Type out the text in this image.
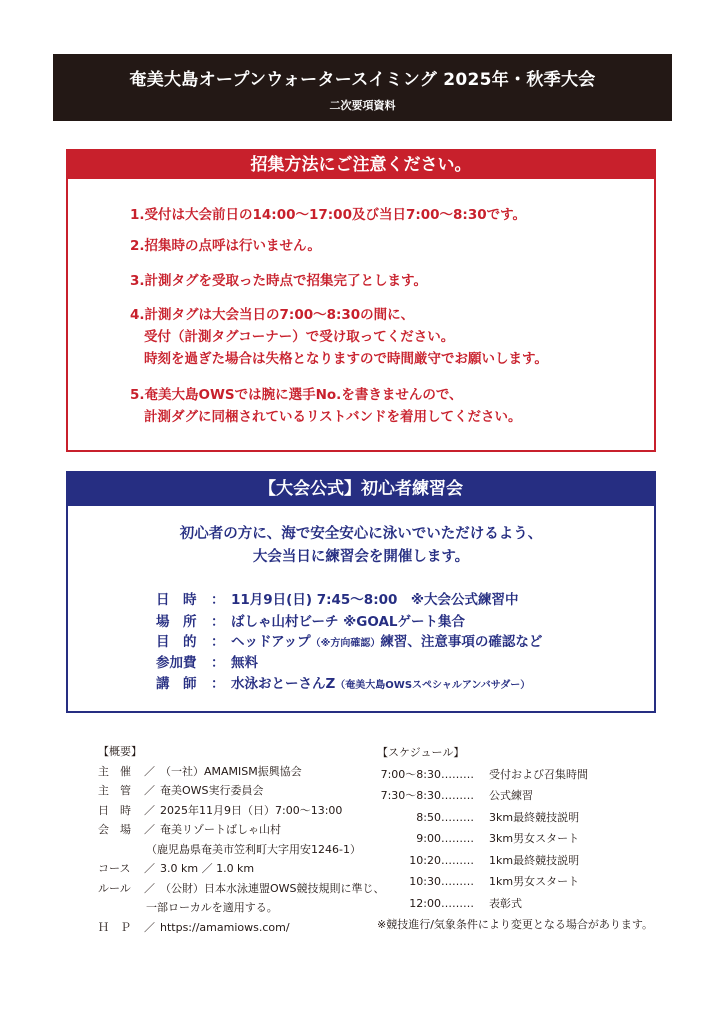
奄美大島オープンウォータースイミング 2025年・秋季大会
二次要項資料
招集方法にご注意ください。
1.受付は大会前日の14:00～17:00及び当日7:00～8:30です。
2.招集時の点呼は行いません。
3.計測タグを受取った時点で招集完了とします。
4.計測タグは大会当日の7:00～8:30の間に、
受付（計測タグコーナー）で受け取ってください。
時刻を過ぎた場合は失格となりますので時間厳守でお願いします。
5.奄美大島OWSでは腕に選手No.を書きませんので、
計測ダグに同梱されているリストバンドを着用してください。
【大会公式】初心者練習会
初心者の方に、海で安全安心に泳いでいただけるよう、
大会当日に練習会を開催します。
日　時 ： 11月9日(日) 7:45～8:00　※大会公式練習中
場　所 ： ばしゃ山村ビーチ ※GOALゲート集合
目　的 ： ヘッドアップ（※方向確認）練習、注意事項の確認など
参加費 ： 無料
講　師 ： 水泳おとーさんZ（奄美大島OWSスペシャルアンバサダー）
【概要】
主　催 ／ （一社）AMAMISM振興協会
主　管 ／ 奄美OWS実行委員会
日　時 ／ 2025年11月9日（日）7:00～13:00
会　場 ／ 奄美リゾートばしゃ山村
（鹿児島県奄美市笠利町大字用安1246-1）
コース ／ 3.0 km ／ 1.0 km
ルール ／ （公財）日本水泳連盟OWS競技規則に準じ、
一部ローカルを適用する。
Ｈ　Ｐ ／ https://amamiows.com/
【スケジュール】
7:00～8:30……… 受付および召集時間
7:30～8:30……… 公式練習
8:50……… 3km最終競技説明
9:00……… 3km男女スタート
10:20……… 1km最終競技説明
10:30……… 1km男女スタート
12:00……… 表彰式
※競技進行/気象条件により変更となる場合があります。
